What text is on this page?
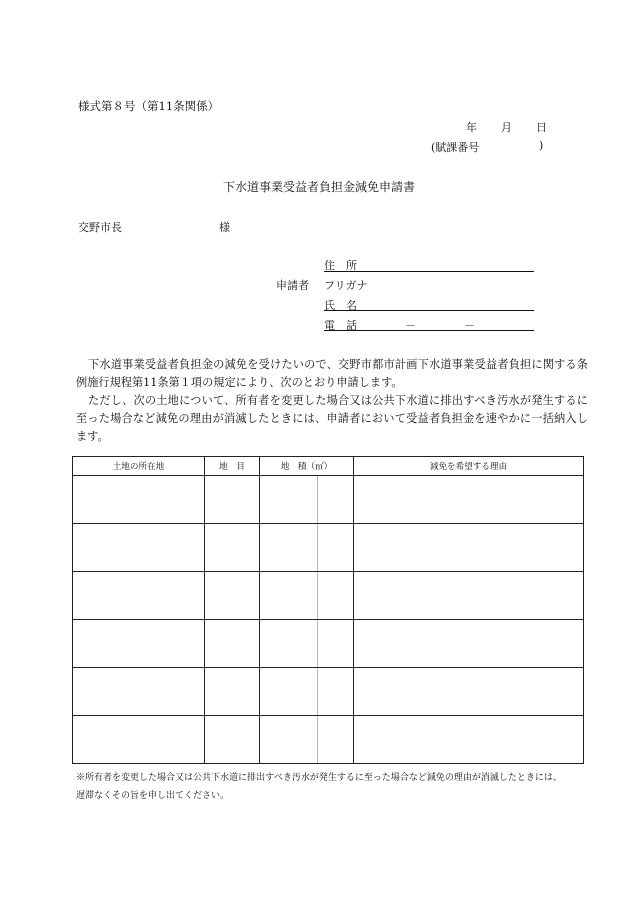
様式第８号（第11条関係）
年 月 日
(賦課番号	)
下水道事業受益者負担金減免申請書
交野市長	様
住　所
申請者 フリガナ
氏　名
電　話	－	－

下水道事業受益者負担金の減免を受けたいので、交野市都市計画下水道事業受益者負担に関する条例施行規程第11条第１項の規定により、次のとおり申請します。

ただし、次の土地について、所有者を変更した場合又は公共下水道に排出すべき汚水が発生するに至った場合など減免の理由が消滅したときには、申請者において受益者負担金を速やかに一括納入します。

土地の所在地	地　目	地　積（㎡）	減免を希望する理由

※所有者を変更した場合又は公共下水道に排出すべき汚水が発生するに至った場合など減免の理由が消滅したときには、
遅滞なくその旨を申し出てください。
